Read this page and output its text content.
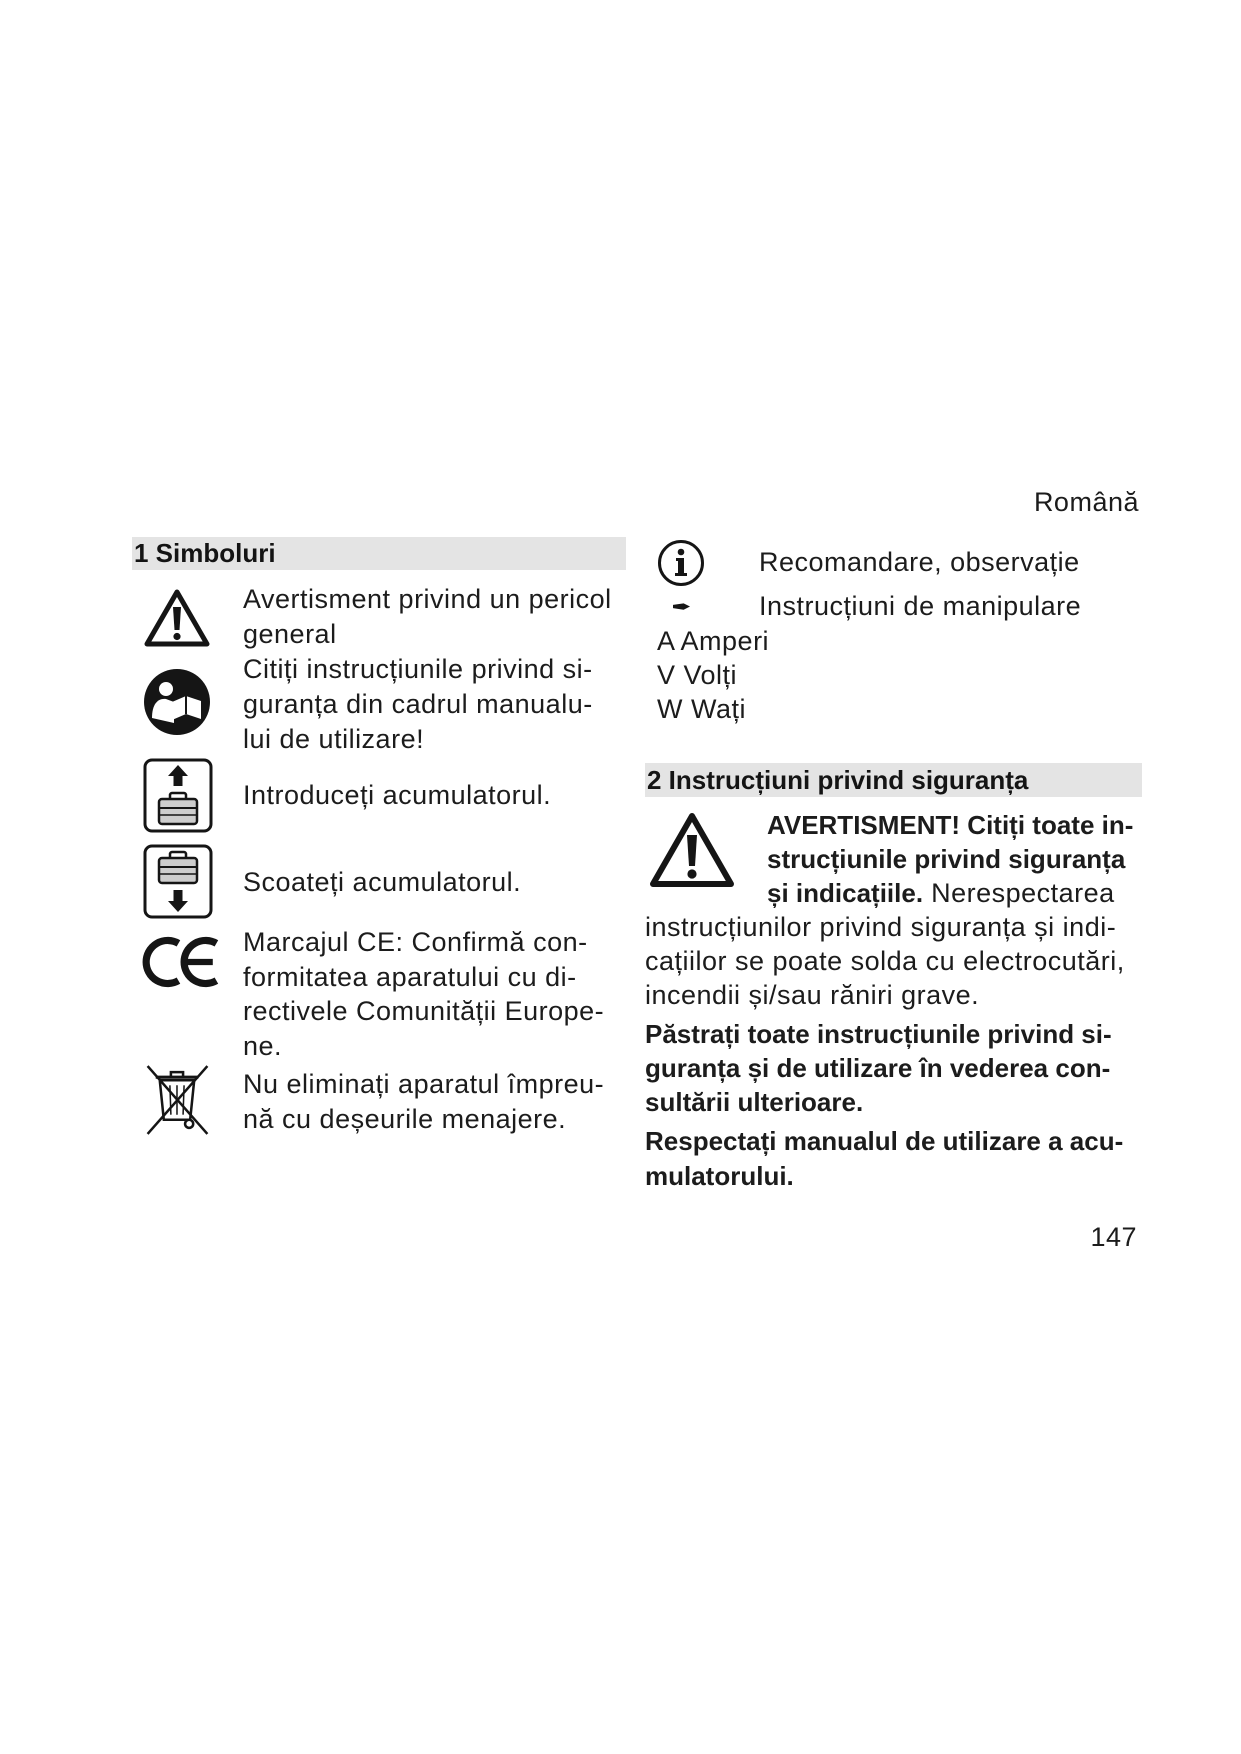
Română
1 Simboluri
Avertisment privind un pericol
general
Citiți instrucțiunile privind si-
guranța din cadrul manualu-
lui de utilizare!
Introduceți acumulatorul.
Scoateți acumulatorul.
Marcajul CE: Confirmă con-
formitatea aparatului cu di-
rectivele Comunității Europe-
ne.
Nu eliminați aparatul împreu-
nă cu deșeurile menajere.
Recomandare, observație
Instrucțiuni de manipulare
A Amperi
V Volți
W Wați
2 Instrucțiuni privind siguranța
AVERTISMENT! Citiți toate in-
strucțiunile privind siguranța
și indicațiile. Nerespectarea
instrucțiunilor privind siguranța și indi-
cațiilor se poate solda cu electrocutări,
incendii și/sau răniri grave.
Păstrați toate instrucțiunile privind si-
guranța și de utilizare în vederea con-
sultării ulterioare.
Respectați manualul de utilizare a acu-
mulatorului.
147
